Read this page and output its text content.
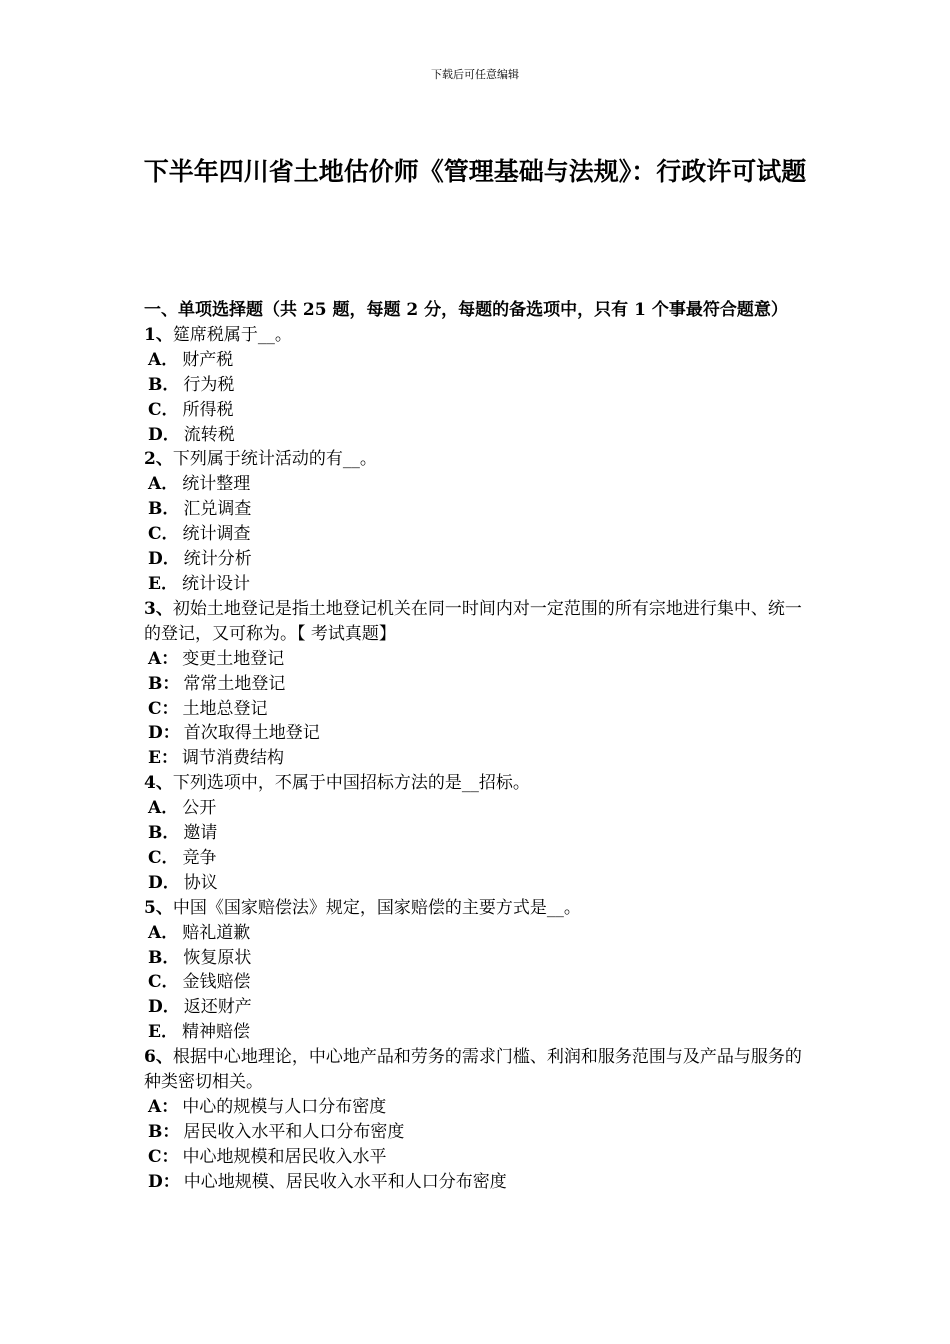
下载后可任意编辑
下半年四川省土地估价师《管理基础与法规》：行政许可试题

一、单项选择题（共 25 题，每题 2 分，每题的备选项中，只有 1 个事最符合题意）

1、筵席税属于__。

A． 财产税
B． 行为税
C． 所得税
D． 流转税

2、下列属于统计活动的有__。

A． 统计整理
B． 汇兑调查
C． 统计调查
D． 统计分析
E． 统计设计

3、初始土地登记是指土地登记机关在同一时间内对一定范围的所有宗地进行集中、统一的登记，又可称为。【 考试真题】

A： 变更土地登记
B： 常常土地登记
C： 土地总登记
D： 首次取得土地登记
E： 调节消费结构

4、下列选项中，不属于中国招标方法的是__招标。

A． 公开
B． 邀请
C． 竞争
D． 协议

5、中国《国家赔偿法》规定，国家赔偿的主要方式是__。

A． 赔礼道歉
B． 恢复原状
C． 金钱赔偿
D． 返还财产
E． 精神赔偿

6、根据中心地理论，中心地产品和劳务的需求门槛、利润和服务范围与及产品与服务的种类密切相关。

A： 中心的规模与人口分布密度
B： 居民收入水平和人口分布密度
C： 中心地规模和居民收入水平
D： 中心地规模、居民收入水平和人口分布密度
